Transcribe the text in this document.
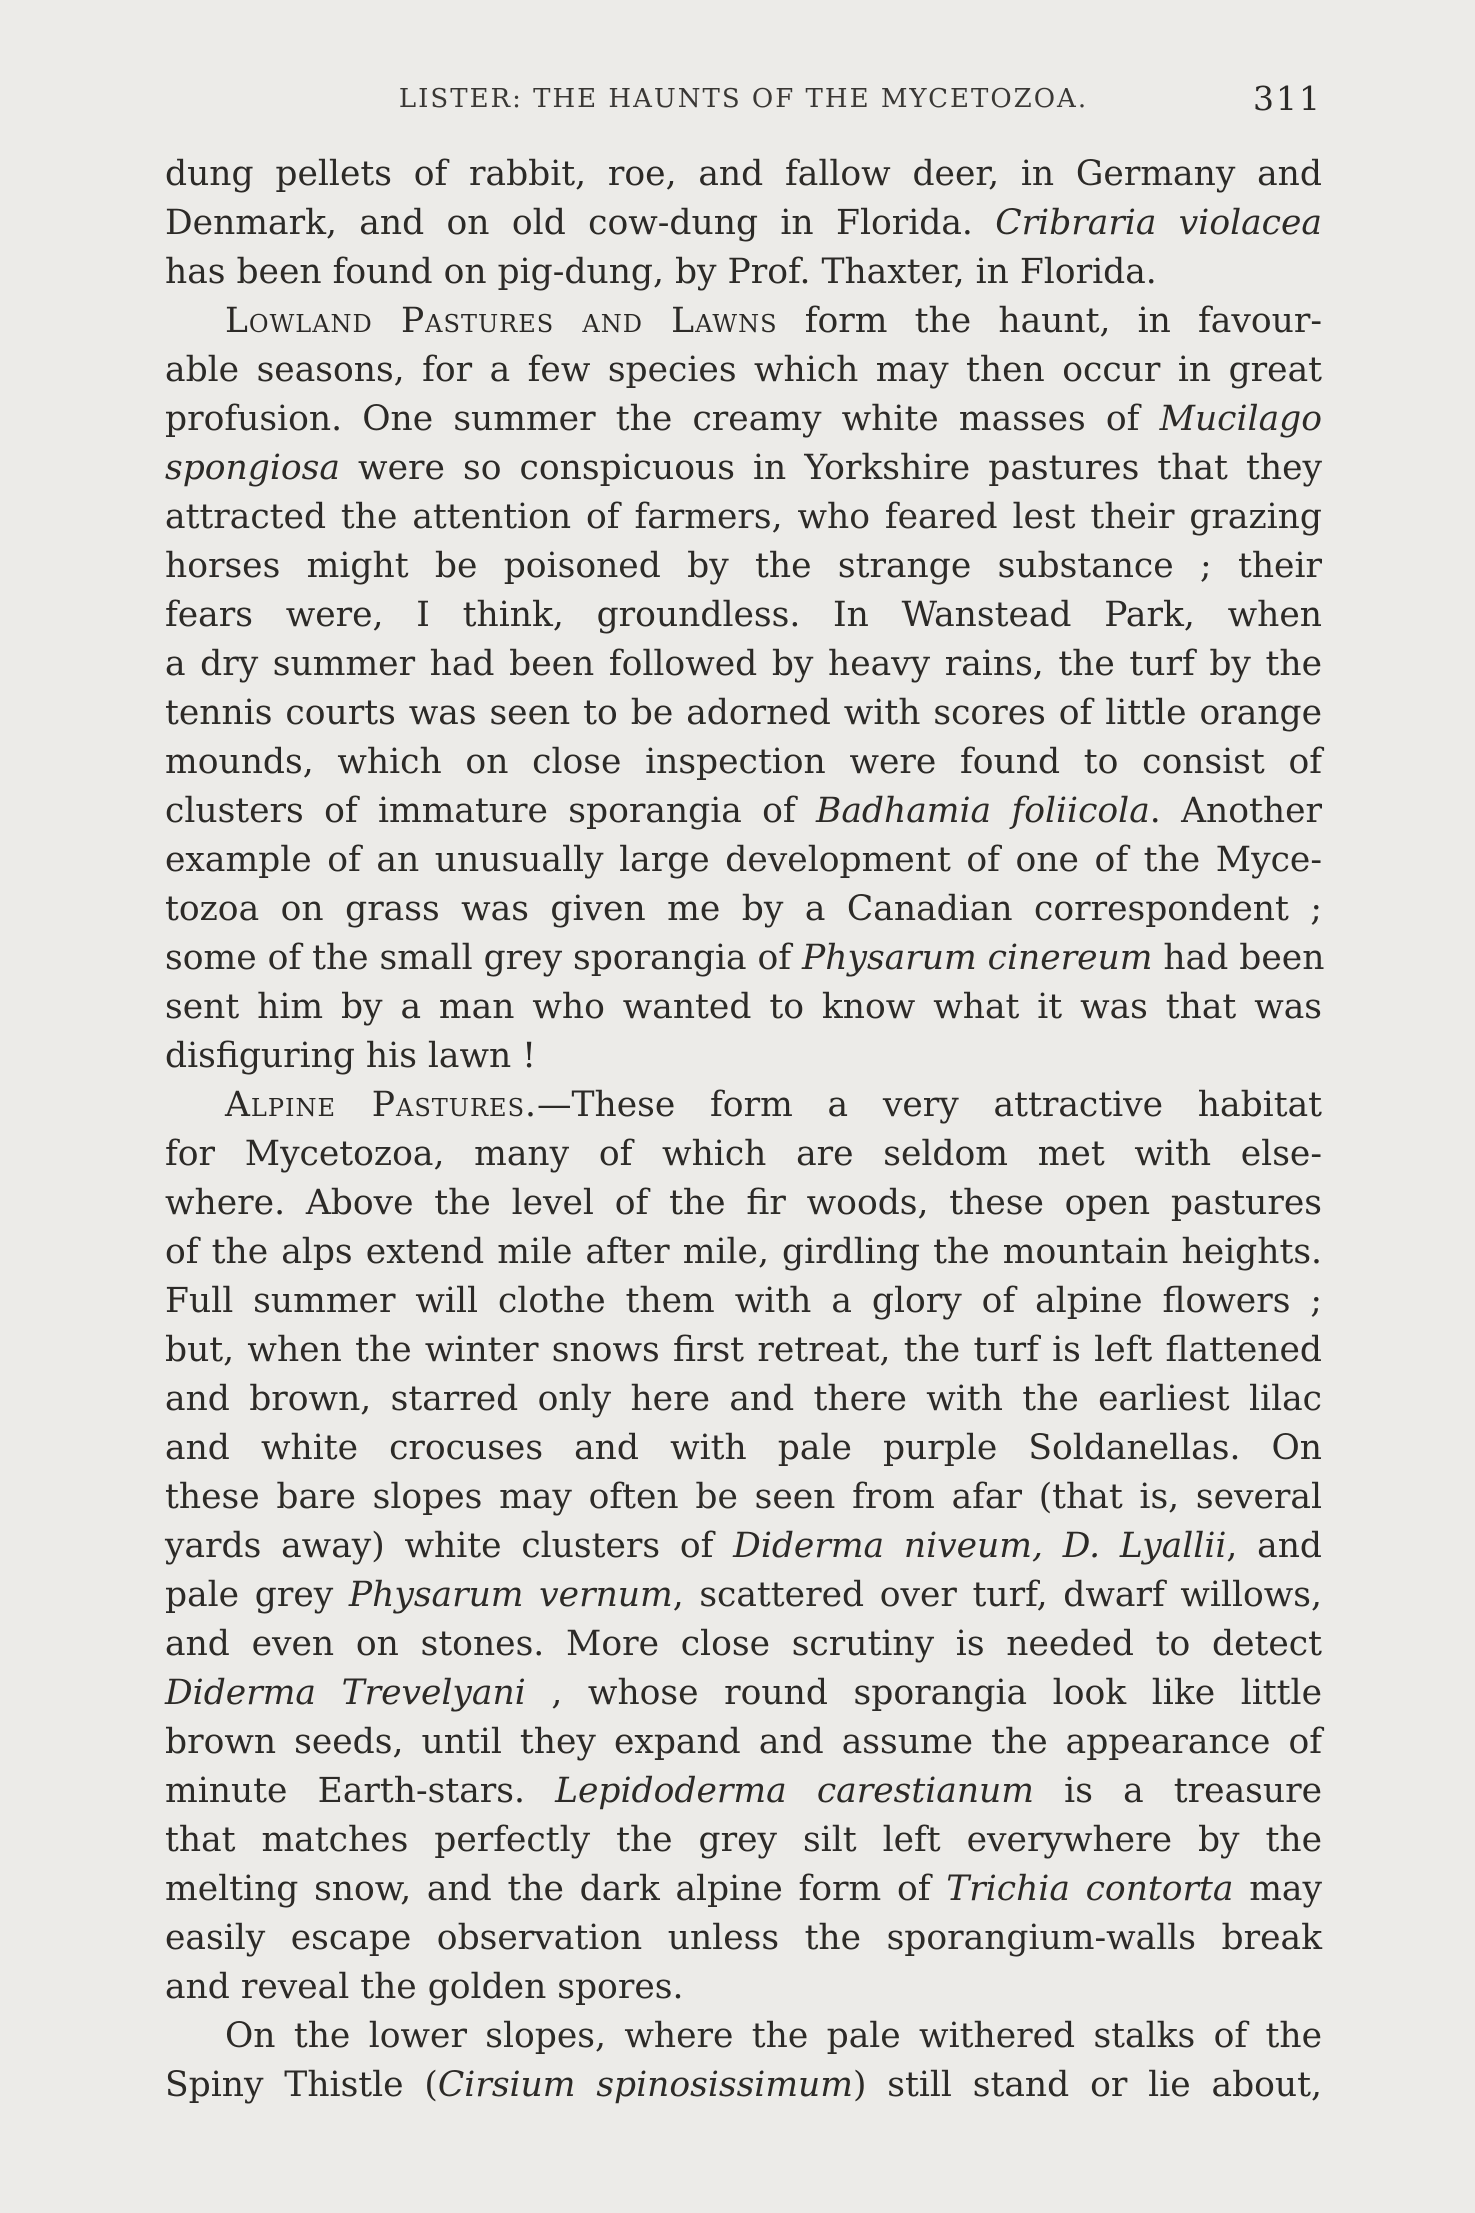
LISTER: THE HAUNTS OF THE MYCETOZOA.	311
dung pellets of rabbit, roe, and fallow deer, in Germany and
Denmark, and on old cow-dung in Florida. Cribraria violacea
has been found on pig-dung, by Prof. Thaxter, in Florida.
Lowland Pastures and Lawns form the haunt, in favour-
able seasons, for a few species which may then occur in great
profusion. One summer the creamy white masses of Mucilago
spongiosa were so conspicuous in Yorkshire pastures that they
attracted the attention of farmers, who feared lest their grazing
horses might be poisoned by the strange substance ; their
fears were, I think, groundless. In Wanstead Park, when
a dry summer had been followed by heavy rains, the turf by the
tennis courts was seen to be adorned with scores of little orange
mounds, which on close inspection were found to consist of
clusters of immature sporangia of Badhamia foliicola. Another
example of an unusually large development of one of the Myce-
tozoa on grass was given me by a Canadian correspondent ;
some of the small grey sporangia of Physarum cinereum had been
sent him by a man who wanted to know what it was that was
disfiguring his lawn !
Alpine Pastures.—These form a very attractive habitat
for Mycetozoa, many of which are seldom met with else-
where. Above the level of the fir woods, these open pastures
of the alps extend mile after mile, girdling the mountain heights.
Full summer will clothe them with a glory of alpine flowers ;
but, when the winter snows first retreat, the turf is left flattened
and brown, starred only here and there with the earliest lilac
and white crocuses and with pale purple Soldanellas. On
these bare slopes may often be seen from afar (that is, several
yards away) white clusters of Diderma niveum, D. Lyallii, and
pale grey Physarum vernum, scattered over turf, dwarf willows,
and even on stones. More close scrutiny is needed to detect
Diderma Trevelyani , whose round sporangia look like little
brown seeds, until they expand and assume the appearance of
minute Earth-stars. Lepidoderma carestianum is a treasure
that matches perfectly the grey silt left everywhere by the
melting snow, and the dark alpine form of Trichia contorta may
easily escape observation unless the sporangium-walls break
and reveal the golden spores.
On the lower slopes, where the pale withered stalks of the
Spiny Thistle (Cirsium spinosissimum) still stand or lie about,
